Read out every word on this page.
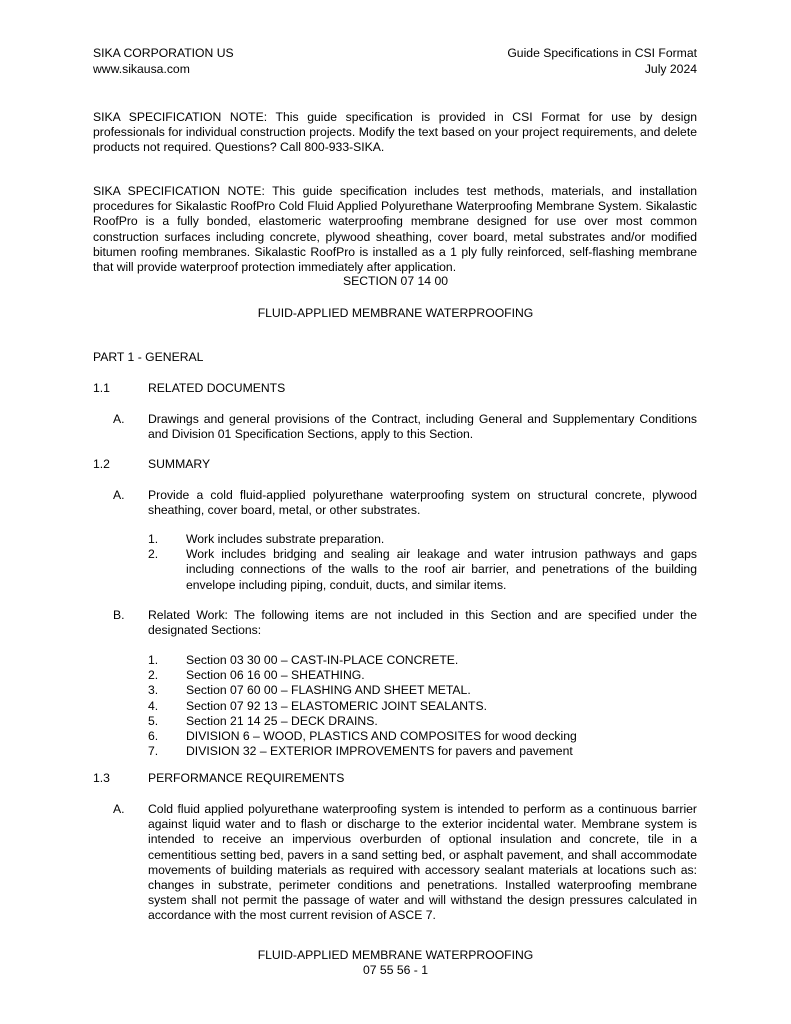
SIKA CORPORATION US
www.sikausa.com
Guide Specifications in CSI Format
July 2024
SIKA SPECIFICATION NOTE: This guide specification is provided in CSI Format for use by design professionals for individual construction projects. Modify the text based on your project requirements, and delete products not required. Questions? Call 800-933-SIKA.
SIKA SPECIFICATION NOTE: This guide specification includes test methods, materials, and installation procedures for Sikalastic RoofPro Cold Fluid Applied Polyurethane Waterproofing Membrane System. Sikalastic RoofPro is a fully bonded, elastomeric waterproofing membrane designed for use over most common construction surfaces including concrete, plywood sheathing, cover board, metal substrates and/or modified bitumen roofing membranes. Sikalastic RoofPro is installed as a 1 ply fully reinforced, self-flashing membrane that will provide waterproof protection immediately after application.
SECTION 07 14 00
FLUID-APPLIED MEMBRANE WATERPROOFING
PART 1 - GENERAL
1.1	RELATED DOCUMENTS
A. Drawings and general provisions of the Contract, including General and Supplementary Conditions and Division 01 Specification Sections, apply to this Section.
1.2	SUMMARY
A. Provide a cold fluid-applied polyurethane waterproofing system on structural concrete, plywood sheathing, cover board, metal, or other substrates.
1. Work includes substrate preparation.
2. Work includes bridging and sealing air leakage and water intrusion pathways and gaps including connections of the walls to the roof air barrier, and penetrations of the building envelope including piping, conduit, ducts, and similar items.
B. Related Work: The following items are not included in this Section and are specified under the designated Sections:
1. Section 03 30 00 – CAST-IN-PLACE CONCRETE.
2. Section 06 16 00 – SHEATHING.
3. Section 07 60 00 – FLASHING AND SHEET METAL.
4. Section 07 92 13 – ELASTOMERIC JOINT SEALANTS.
5. Section 21 14 25 – DECK DRAINS.
6. DIVISION 6 – WOOD, PLASTICS AND COMPOSITES for wood decking
7. DIVISION 32 – EXTERIOR IMPROVEMENTS for pavers and pavement
1.3	PERFORMANCE REQUIREMENTS
A. Cold fluid applied polyurethane waterproofing system is intended to perform as a continuous barrier against liquid water and to flash or discharge to the exterior incidental water. Membrane system is intended to receive an impervious overburden of optional insulation and concrete, tile in a cementitious setting bed, pavers in a sand setting bed, or asphalt pavement, and shall accommodate movements of building materials as required with accessory sealant materials at locations such as: changes in substrate, perimeter conditions and penetrations. Installed waterproofing membrane system shall not permit the passage of water and will withstand the design pressures calculated in accordance with the most current revision of ASCE 7.
FLUID-APPLIED MEMBRANE WATERPROOFING
07 55 56 - 1
